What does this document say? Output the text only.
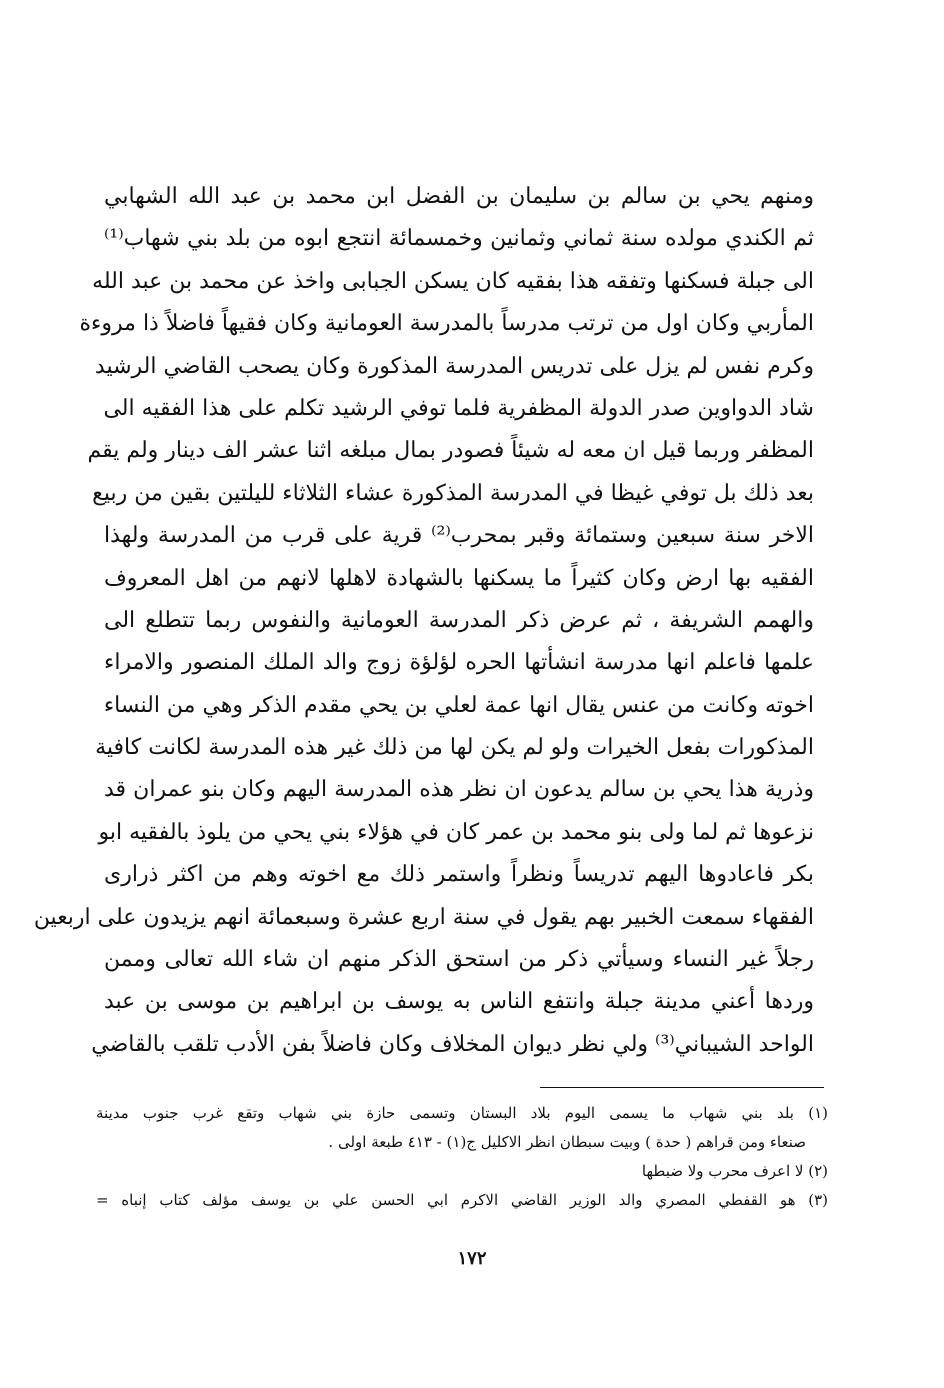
ومنهم يحي بن سالم بن سليمان بن الفضل ابن محمد بن عبد الله الشهابي
ثم الكندي مولده سنة ثماني وثمانين وخمسمائة انتجع ابوه من بلد بني شهاب⁽¹⁾
الى جبلة فسكنها وتفقه هذا بفقيه كان يسكن الجبابى واخذ عن محمد بن عبد الله
المأربي وكان اول من ترتب مدرساً بالمدرسة العومانية وكان فقيهاً فاضلاً ذا مروءة
وكرم نفس لم يزل على تدريس المدرسة المذكورة وكان يصحب القاضي الرشيد
شاد الدواوين صدر الدولة المظفرية فلما توفي الرشيد تكلم على هذا الفقيه الى
المظفر وربما قيل ان معه له شيئاً فصودر بمال مبلغه اثنا عشر الف دينار ولم يقم
بعد ذلك بل توفي غيظا في المدرسة المذكورة عشاء الثلاثاء لليلتين بقين من ربيع
الاخر سنة سبعين وستمائة وقبر بمحرب⁽²⁾ قرية على قرب من المدرسة ولهذا
الفقيه بها ارض وكان كثيراً ما يسكنها بالشهادة لاهلها لانهم من اهل المعروف
والهمم الشريفة ، ثم عرض ذكر المدرسة العومانية والنفوس ربما تتطلع الى
علمها فاعلم انها مدرسة انشأتها الحره لؤلؤة زوج والد الملك المنصور والامراء
اخوته وكانت من عنس يقال انها عمة لعلي بن يحي مقدم الذكر وهي من النساء
المذكورات بفعل الخيرات ولو لم يكن لها من ذلك غير هذه المدرسة لكانت كافية
وذرية هذا يحي بن سالم يدعون ان نظر هذه المدرسة اليهم وكان بنو عمران قد
نزعوها ثم لما ولى بنو محمد بن عمر كان في هؤلاء بني يحي من يلوذ بالفقيه ابو
بكر فاعادوها اليهم تدريساً ونظراً واستمر ذلك مع اخوته وهم من اكثر ذرارى
الفقهاء سمعت الخبير بهم يقول في سنة اربع عشرة وسبعمائة انهم يزيدون على اربعين
رجلاً غير النساء وسيأتي ذكر من استحق الذكر منهم ان شاء الله تعالى وممن
وردها أعني مدينة جبلة وانتفع الناس به يوسف بن ابراهيم بن موسى بن عبد
الواحد الشيباني⁽³⁾ ولي نظر ديوان المخلاف وكان فاضلاً بفن الأدب تلقب بالقاضي
(١) بلد بني شهاب ما يسمى اليوم بلاد البستان وتسمى حازة بني شهاب وتقع غرب جنوب مدينة
صنعاء ومن قراهم ( حدة ) وبيت سبطان انظر الاكليل ج(١) - ٤١٣ طبعة اولى .
(٢) لا اعرف محرب ولا ضبطها
(٣) هو القفطي المصري والد الوزير القاضي الاكرم ابي الحسن علي بن يوسف مؤلف كتاب إنباه =
١٧٢
